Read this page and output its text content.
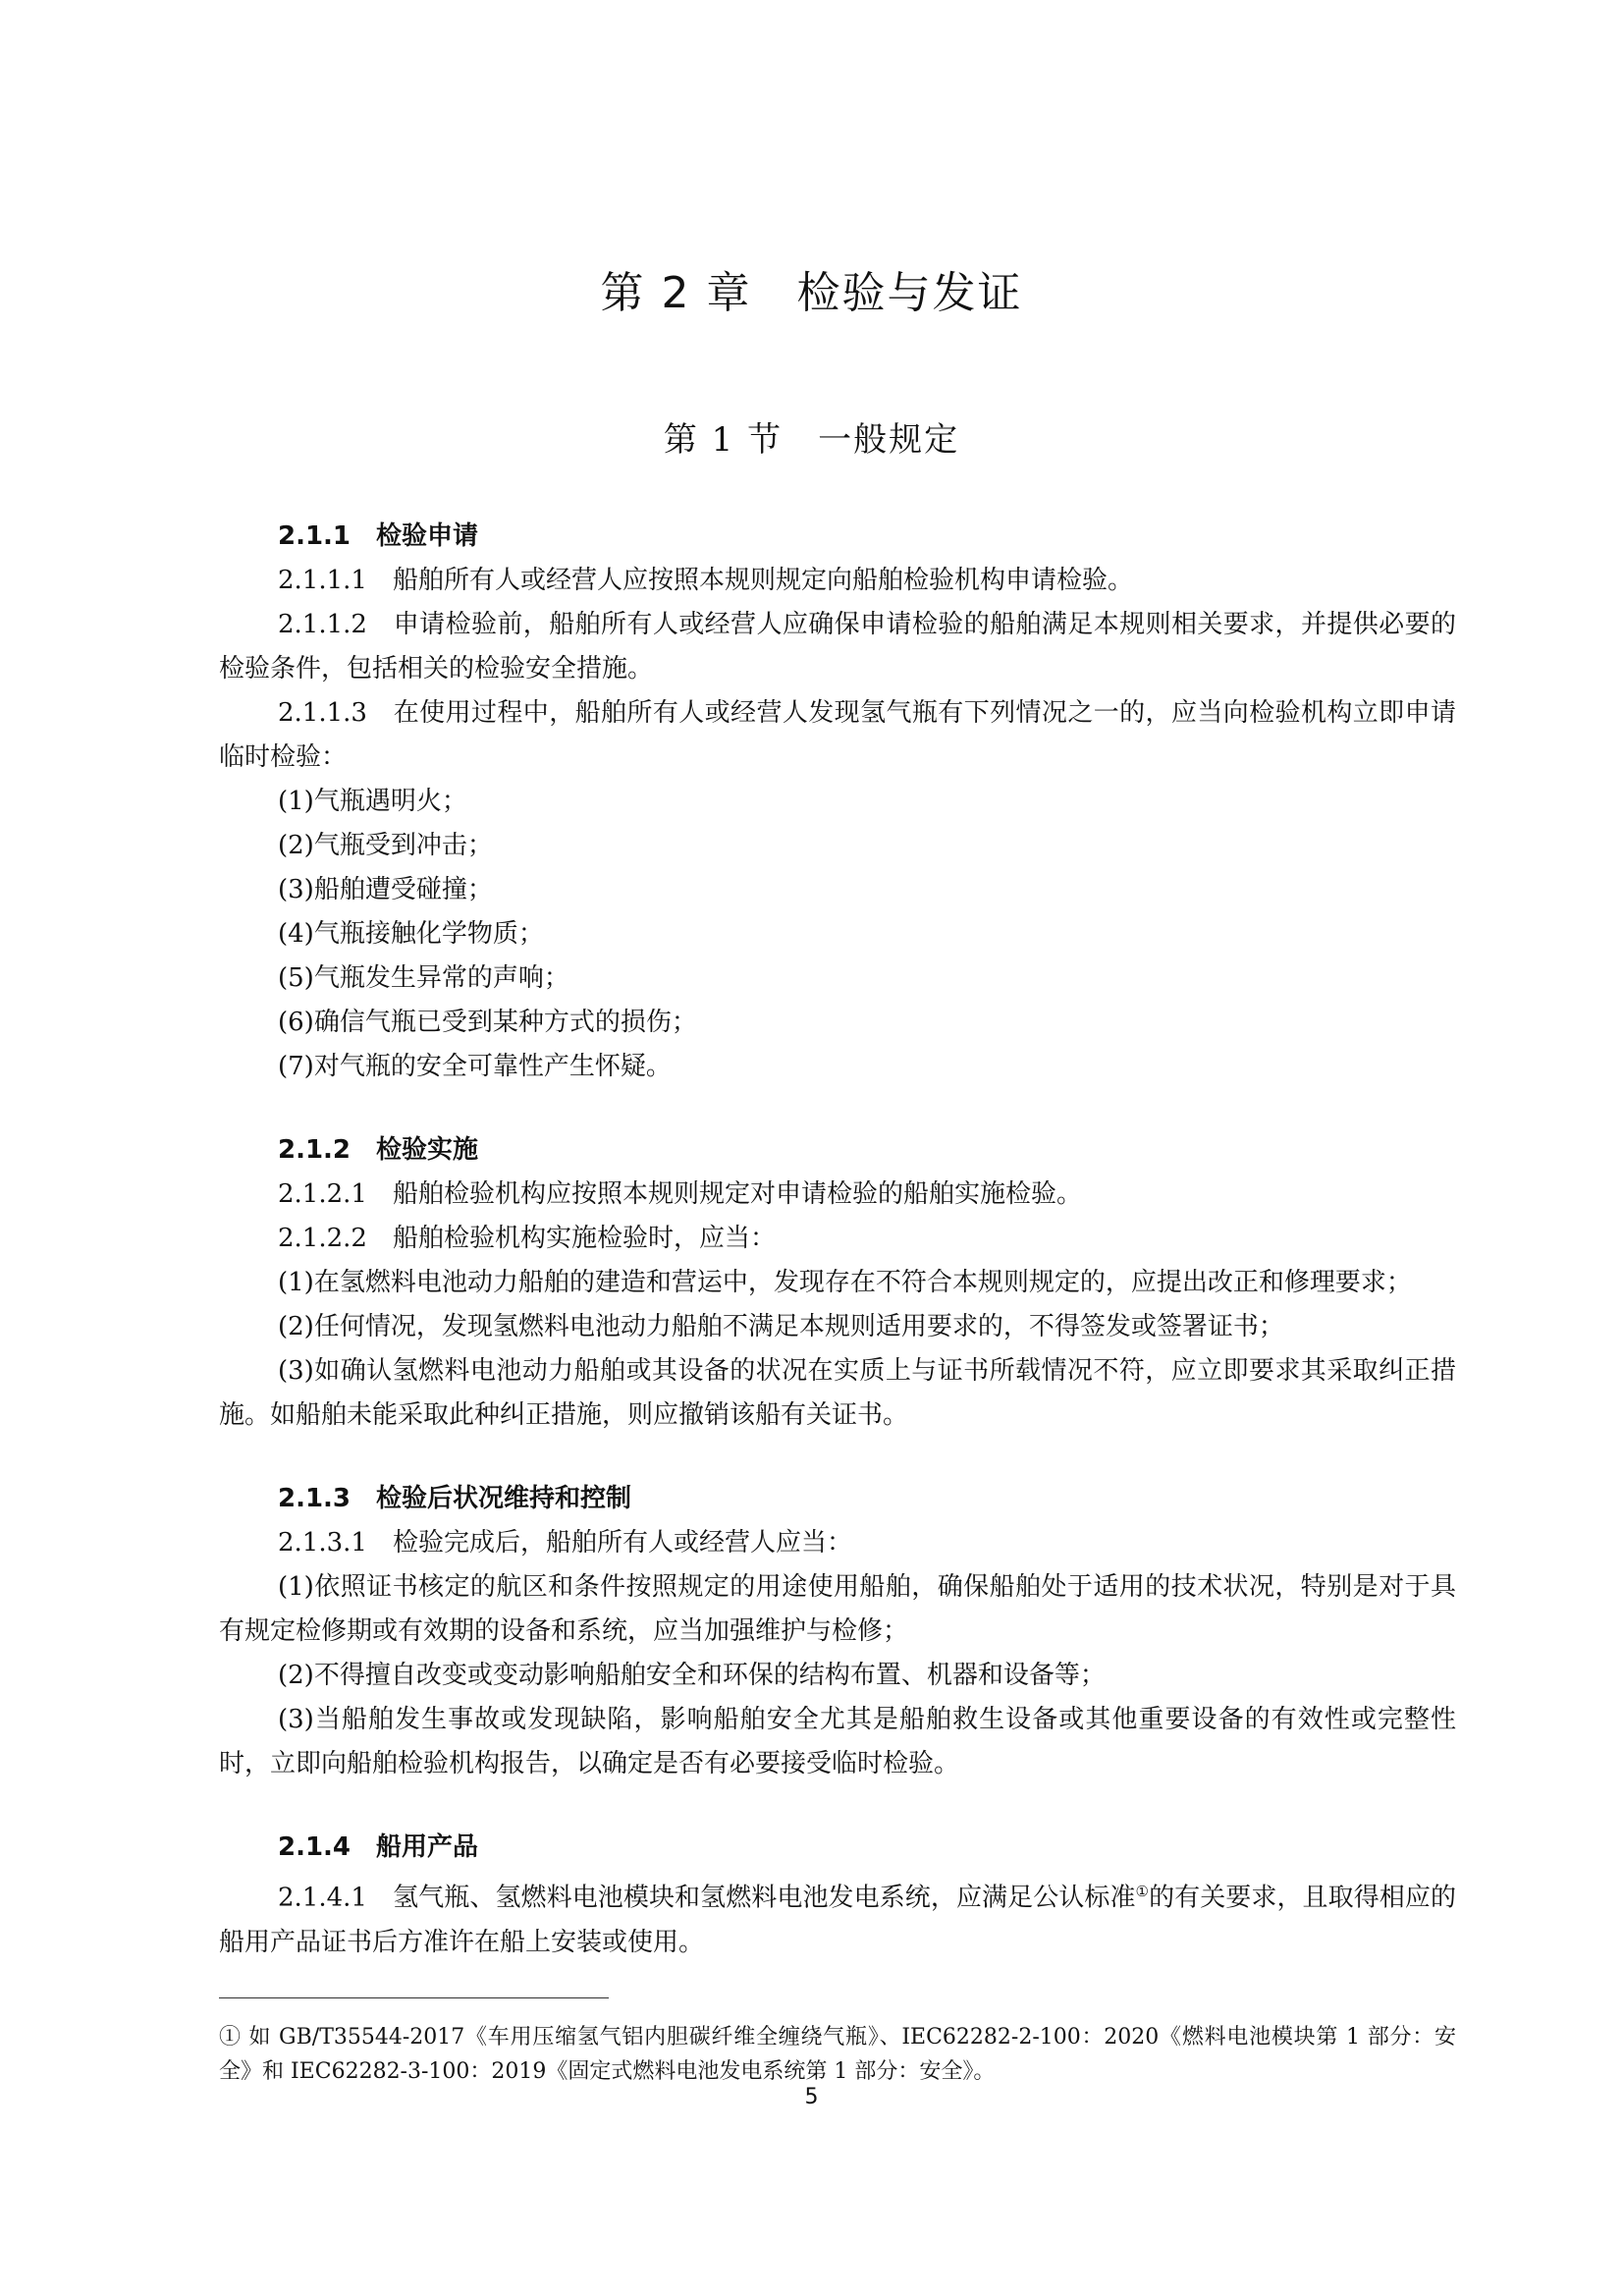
第 2 章　检验与发证
第 1 节　一般规定
2.1.1 检验申请

2.1.1.1　船舶所有人或经营人应按照本规则规定向船舶检验机构申请检验。

2.1.1.2　申请检验前，船舶所有人或经营人应确保申请检验的船舶满足本规则相关要求，并提供必要的检验条件，包括相关的检验安全措施。

2.1.1.3　在使用过程中，船舶所有人或经营人发现氢气瓶有下列情况之一的，应当向检验机构立即申请临时检验：

(1)气瓶遇明火；

(2)气瓶受到冲击；

(3)船舶遭受碰撞；

(4)气瓶接触化学物质；

(5)气瓶发生异常的声响；

(6)确信气瓶已受到某种方式的损伤；

(7)对气瓶的安全可靠性产生怀疑。

2.1.2 检验实施

2.1.2.1　船舶检验机构应按照本规则规定对申请检验的船舶实施检验。

2.1.2.2　船舶检验机构实施检验时，应当：

(1)在氢燃料电池动力船舶的建造和营运中，发现存在不符合本规则规定的，应提出改正和修理要求；

(2)任何情况，发现氢燃料电池动力船舶不满足本规则适用要求的，不得签发或签署证书；

(3)如确认氢燃料电池动力船舶或其设备的状况在实质上与证书所载情况不符，应立即要求其采取纠正措施。如船舶未能采取此种纠正措施，则应撤销该船有关证书。

2.1.3 检验后状况维持和控制

2.1.3.1　检验完成后，船舶所有人或经营人应当：

(1)依照证书核定的航区和条件按照规定的用途使用船舶，确保船舶处于适用的技术状况，特别是对于具有规定检修期或有效期的设备和系统，应当加强维护与检修；

(2)不得擅自改变或变动影响船舶安全和环保的结构布置、机器和设备等；

(3)当船舶发生事故或发现缺陷，影响船舶安全尤其是船舶救生设备或其他重要设备的有效性或完整性时，立即向船舶检验机构报告，以确定是否有必要接受临时检验。

2.1.4 船用产品

2.1.4.1　氢气瓶、氢燃料电池模块和氢燃料电池发电系统，应满足公认标准①的有关要求，且取得相应的船用产品证书后方准许在船上安装或使用。

① 如 GB/T35544-2017《车用压缩氢气铝内胆碳纤维全缠绕气瓶》、IEC62282-2-100：2020《燃料电池模块第 1 部分：安全》和 IEC62282-3-100：2019《固定式燃料电池发电系统第 1 部分：安全》。
5
